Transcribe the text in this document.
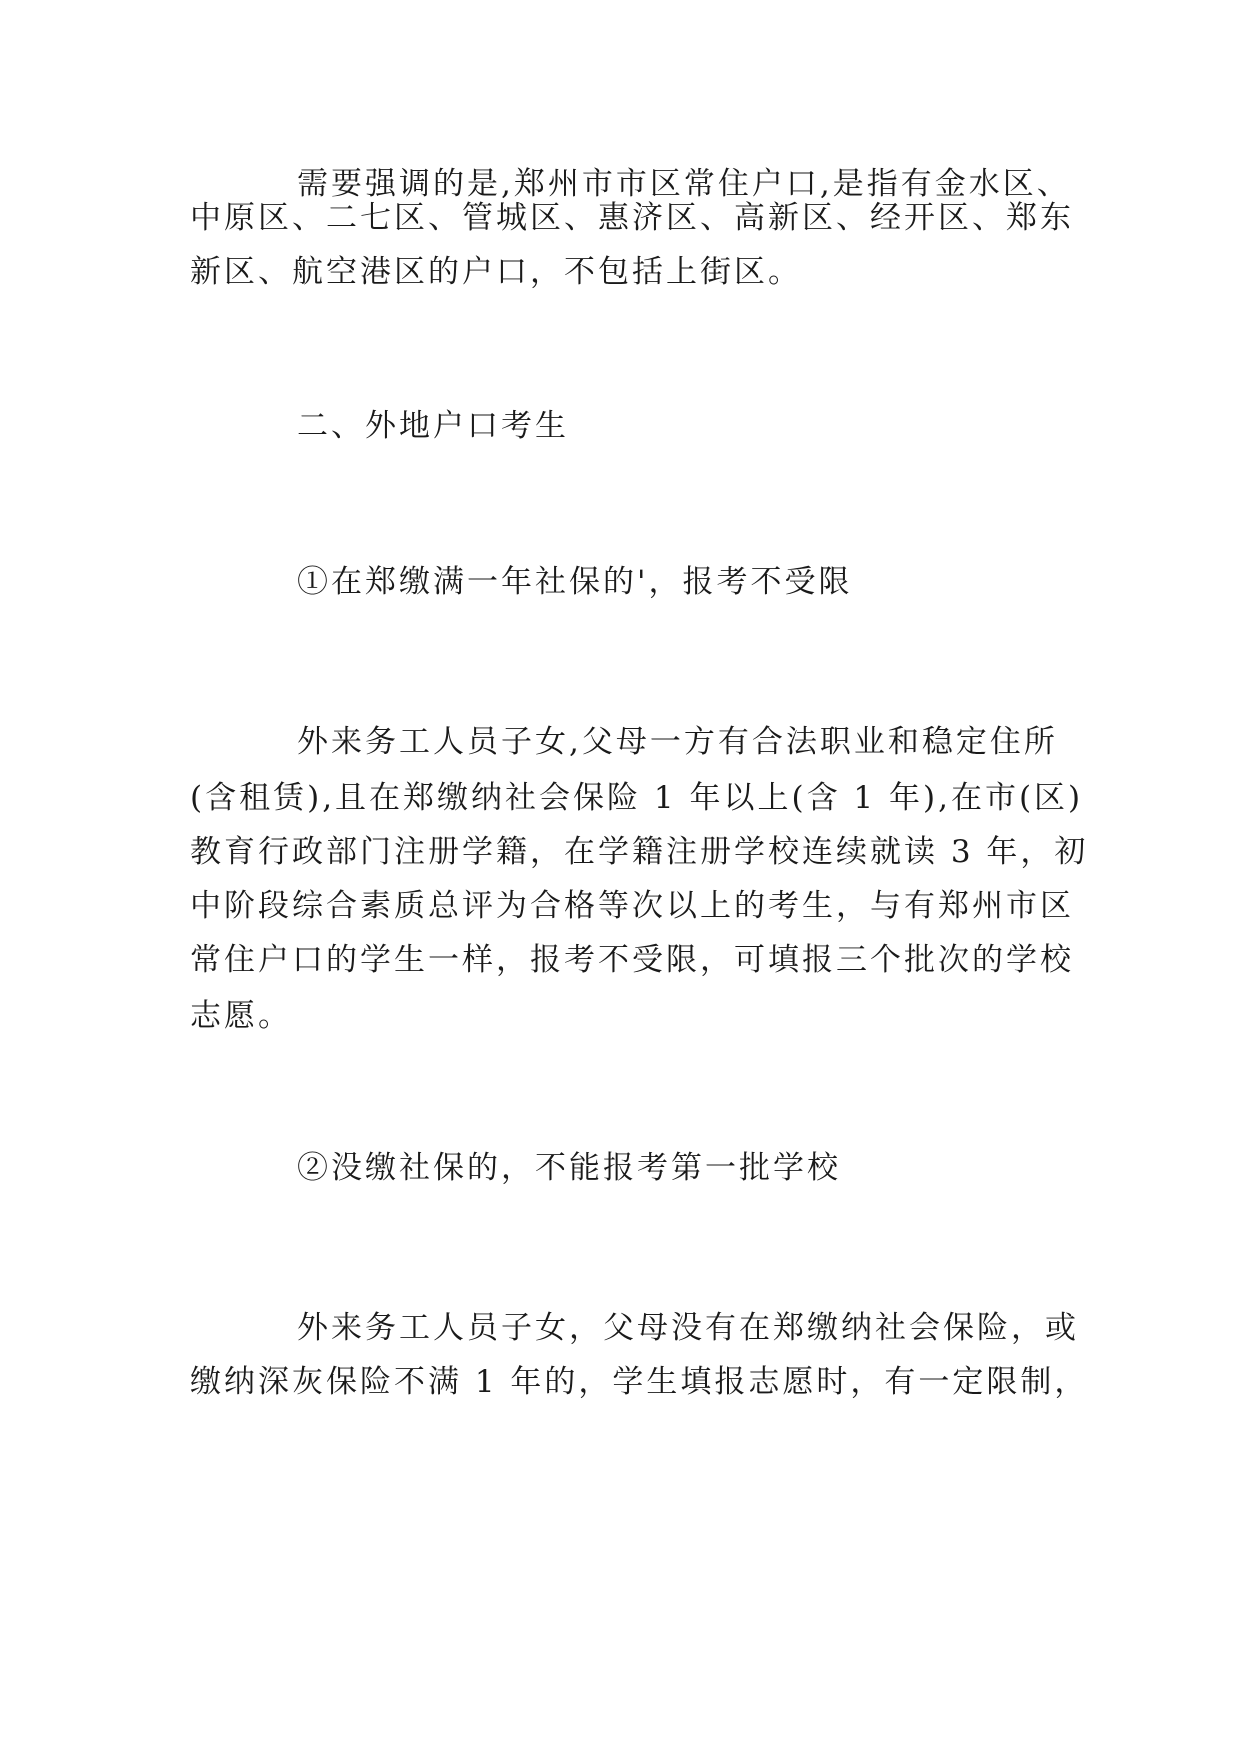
需要强调的是,郑州市市区常住户口,是指有金水区、
中原区、二七区、管城区、惠济区、高新区、经开区、郑东
新区、航空港区的户口，不包括上街区。
二、外地户口考生
①在郑缴满一年社保的'，报考不受限
外来务工人员子女,父母一方有合法职业和稳定住所
(含租赁),且在郑缴纳社会保险 1 年以上(含 1 年),在市(区)
教育行政部门注册学籍，在学籍注册学校连续就读 3 年，初
中阶段综合素质总评为合格等次以上的考生，与有郑州市区
常住户口的学生一样，报考不受限，可填报三个批次的学校
志愿。
②没缴社保的，不能报考第一批学校
外来务工人员子女，父母没有在郑缴纳社会保险，或
缴纳深灰保险不满 1 年的，学生填报志愿时，有一定限制，
